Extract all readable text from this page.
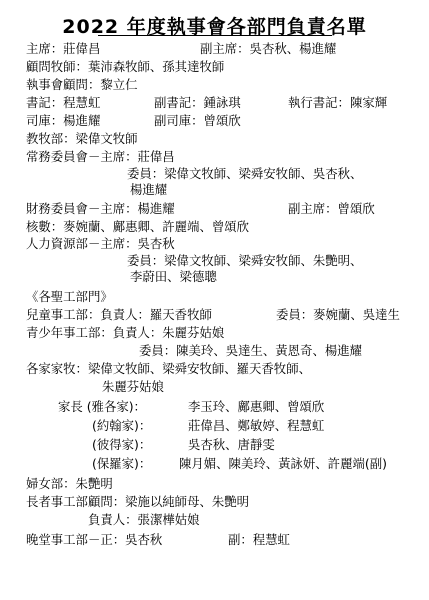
2022 年度執事會各部門負責名單
主席：莊偉昌	副主席：吳杏秋、楊進耀
顧問牧師：葉沛森牧師、孫其達牧師
執事會顧問：黎立仁
書記：程慧虹	副書記：鍾詠琪	執行書記：陳家輝
司庫：楊進耀	副司庫：曾頌欣
教牧部：梁偉文牧師
常務委員會－主席：莊偉昌
委員：梁偉文牧師、梁舜安牧師、吳杏秋、
楊進耀
財務委員會－主席：楊進耀	副主席：曾頌欣
核數：麥婉蘭、鄺惠卿、許麗端、曾頌欣
人力資源部－主席：吳杏秋
委員：梁偉文牧師、梁舜安牧師、朱艷明、
李蔚田、梁德聰
《各聖工部門》
兒童事工部：負責人：羅天香牧師	委員：麥婉蘭、吳達生
青少年事工部：負責人：朱麗芬姑娘
委員：陳美玲、吳達生、黃恩奇、楊進耀
各家家牧：梁偉文牧師、梁舜安牧師、羅天香牧師、
朱麗芬姑娘
家長 (雅各家)：	李玉玲、鄺惠卿、曾頌欣
(約翰家)：	莊偉昌、鄭敏婷、程慧虹
(彼得家)：	吳杏秋、唐靜雯
(保羅家)： 陳月媚、陳美玲、黃詠妍、許麗端(副)
婦女部：朱艷明
長者事工部顧問：梁施以純師母、朱艷明
負責人：張潔樺姑娘
晚堂事工部－正：吳杏秋	副：程慧虹
